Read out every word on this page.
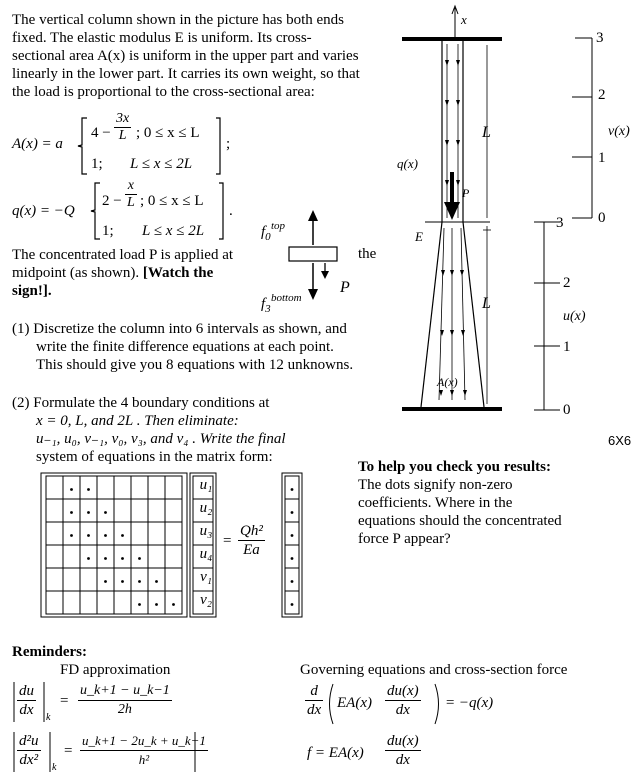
The vertical column shown in the picture has both ends
fixed. The elastic modulus E is uniform. Its cross-
sectional area A(x) is uniform in the upper part and varies
linearly in the lower part. It carries its own weight, so that
the load is proportional to the cross-sectional area:
A(x) = a
$4 - \frac{3x}{L}$ ; 0 ≤ x ≤ L
1; L ≤ x ≤ 2L
;
q(x) = −Q
$2 - \frac{x}{L}$ ; 0 ≤ x ≤ L
1; L ≤ x ≤ 2L
.
The concentrated load P is applied at
midpoint (as shown). [Watch the
sign!].
$f_0$
top
the
P
$f_3$
bottom
(1) Discretize the column into 6 intervals as shown, and
write the finite difference equations at each point.
This should give you 8 equations with 12 unknowns.
(2) Formulate the 4 boundary conditions at
x = 0, L, and 2L . Then eliminate:
u₋₁, u₀, v₋₁, v₀, v₃, and v₄ . Write the final
system of equations in the matrix form:
6X6
u₁
u₂
u₃
u₄
v₁
v₂
= $\frac{\text{Qh²}}{Ea}$
To help you check you results:
The dots signify non-zero
coefficients. Where in the
equations should the concentrated
force P appear?
Reminders:
FD approximation
$\frac{du}{dx}$ k
= $\frac{u\_k+1 - u\_k-1}{2h}$
$\frac{\text{d²u}}{\text{dx²}}$ k
= $\frac{u\_k+1 - 2u\_k + u\_k-1}{\text{h²}}$
Governing equations and cross-section force
$\frac{d}{dx} EA(x) \frac{du(x)}{dx} = -q(x)$
$f = EA(x) \frac{du(x)}{dx}$
x
q(x)
E
L
L
P
A(x)
3
2
1
0
v(x)
3
2
1
0
u(x)
